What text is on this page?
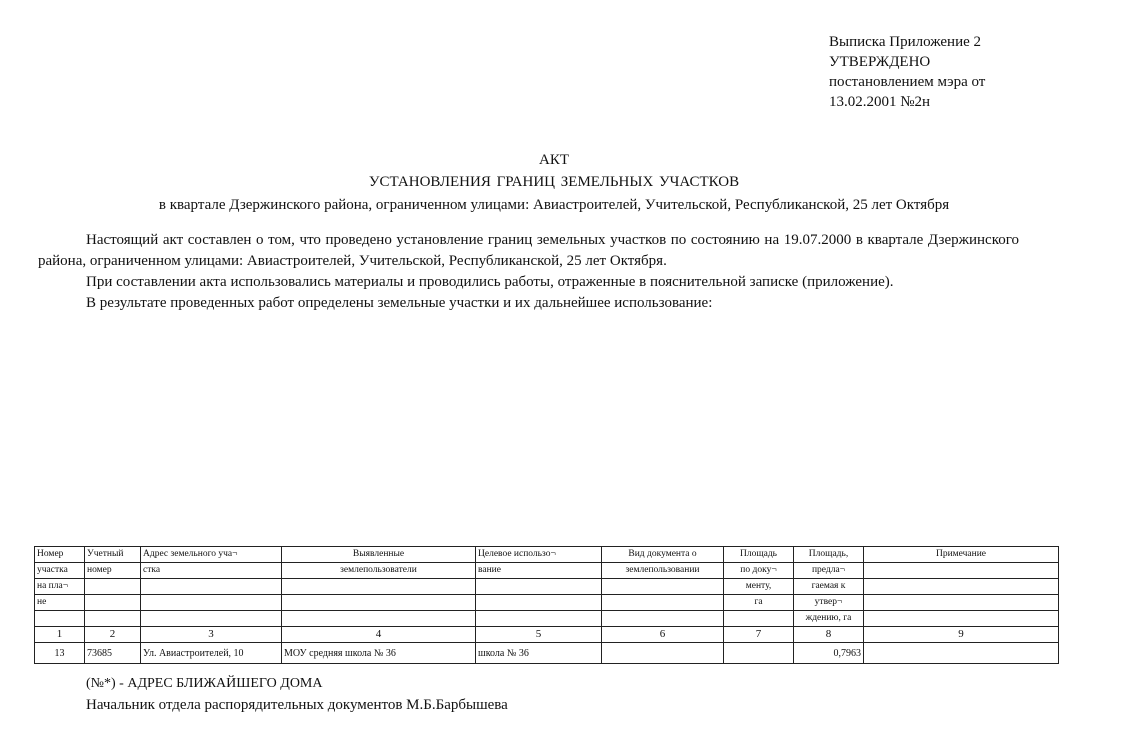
Выписка Приложение 2
УТВЕРЖДЕНО
постановлением мэра от
13.02.2001 №2н
АКТ
УСТАНОВЛЕНИЯ ГРАНИЦ ЗЕМЕЛЬНЫХ УЧАСТКОВ
в квартале Дзержинского района, ограниченном улицами: Авиастроителей, Учительской, Республиканской, 25 лет Октября

Настоящий акт составлен о том, что проведено установление границ земельных участков по состоянию на 19.07.2000 в квартале Дзержинского района, ограниченном улицами: Авиастроителей, Учительской, Республиканской, 25 лет Октября.

При составлении акта использовались материалы и проводились работы, отраженные в пояснительной записке (приложение).

В результате проведенных работ определены земельные участки и их дальнейшее использование:

Номер	Учетный	Адрес земельного уча¬	Выявленные	Целевое использо¬	Вид документа о	Площадь	Площадь,	Примечание
участка	номер	стка	землепользователи	вание	землепользовании	по доку¬	предла¬	
на пла¬						менту,	гаемая к	
не						га	утвер¬	
							ждению, га	
1	2	3	4	5	6	7	8	9
13	73685	Ул. Авиастроителей, 10	МОУ средняя школа № 36	школа № 36			0,7963	
(№*) - АДРЕС БЛИЖАЙШЕГО ДОМА
Начальник отдела распорядительных документов М.Б.Барбышева
